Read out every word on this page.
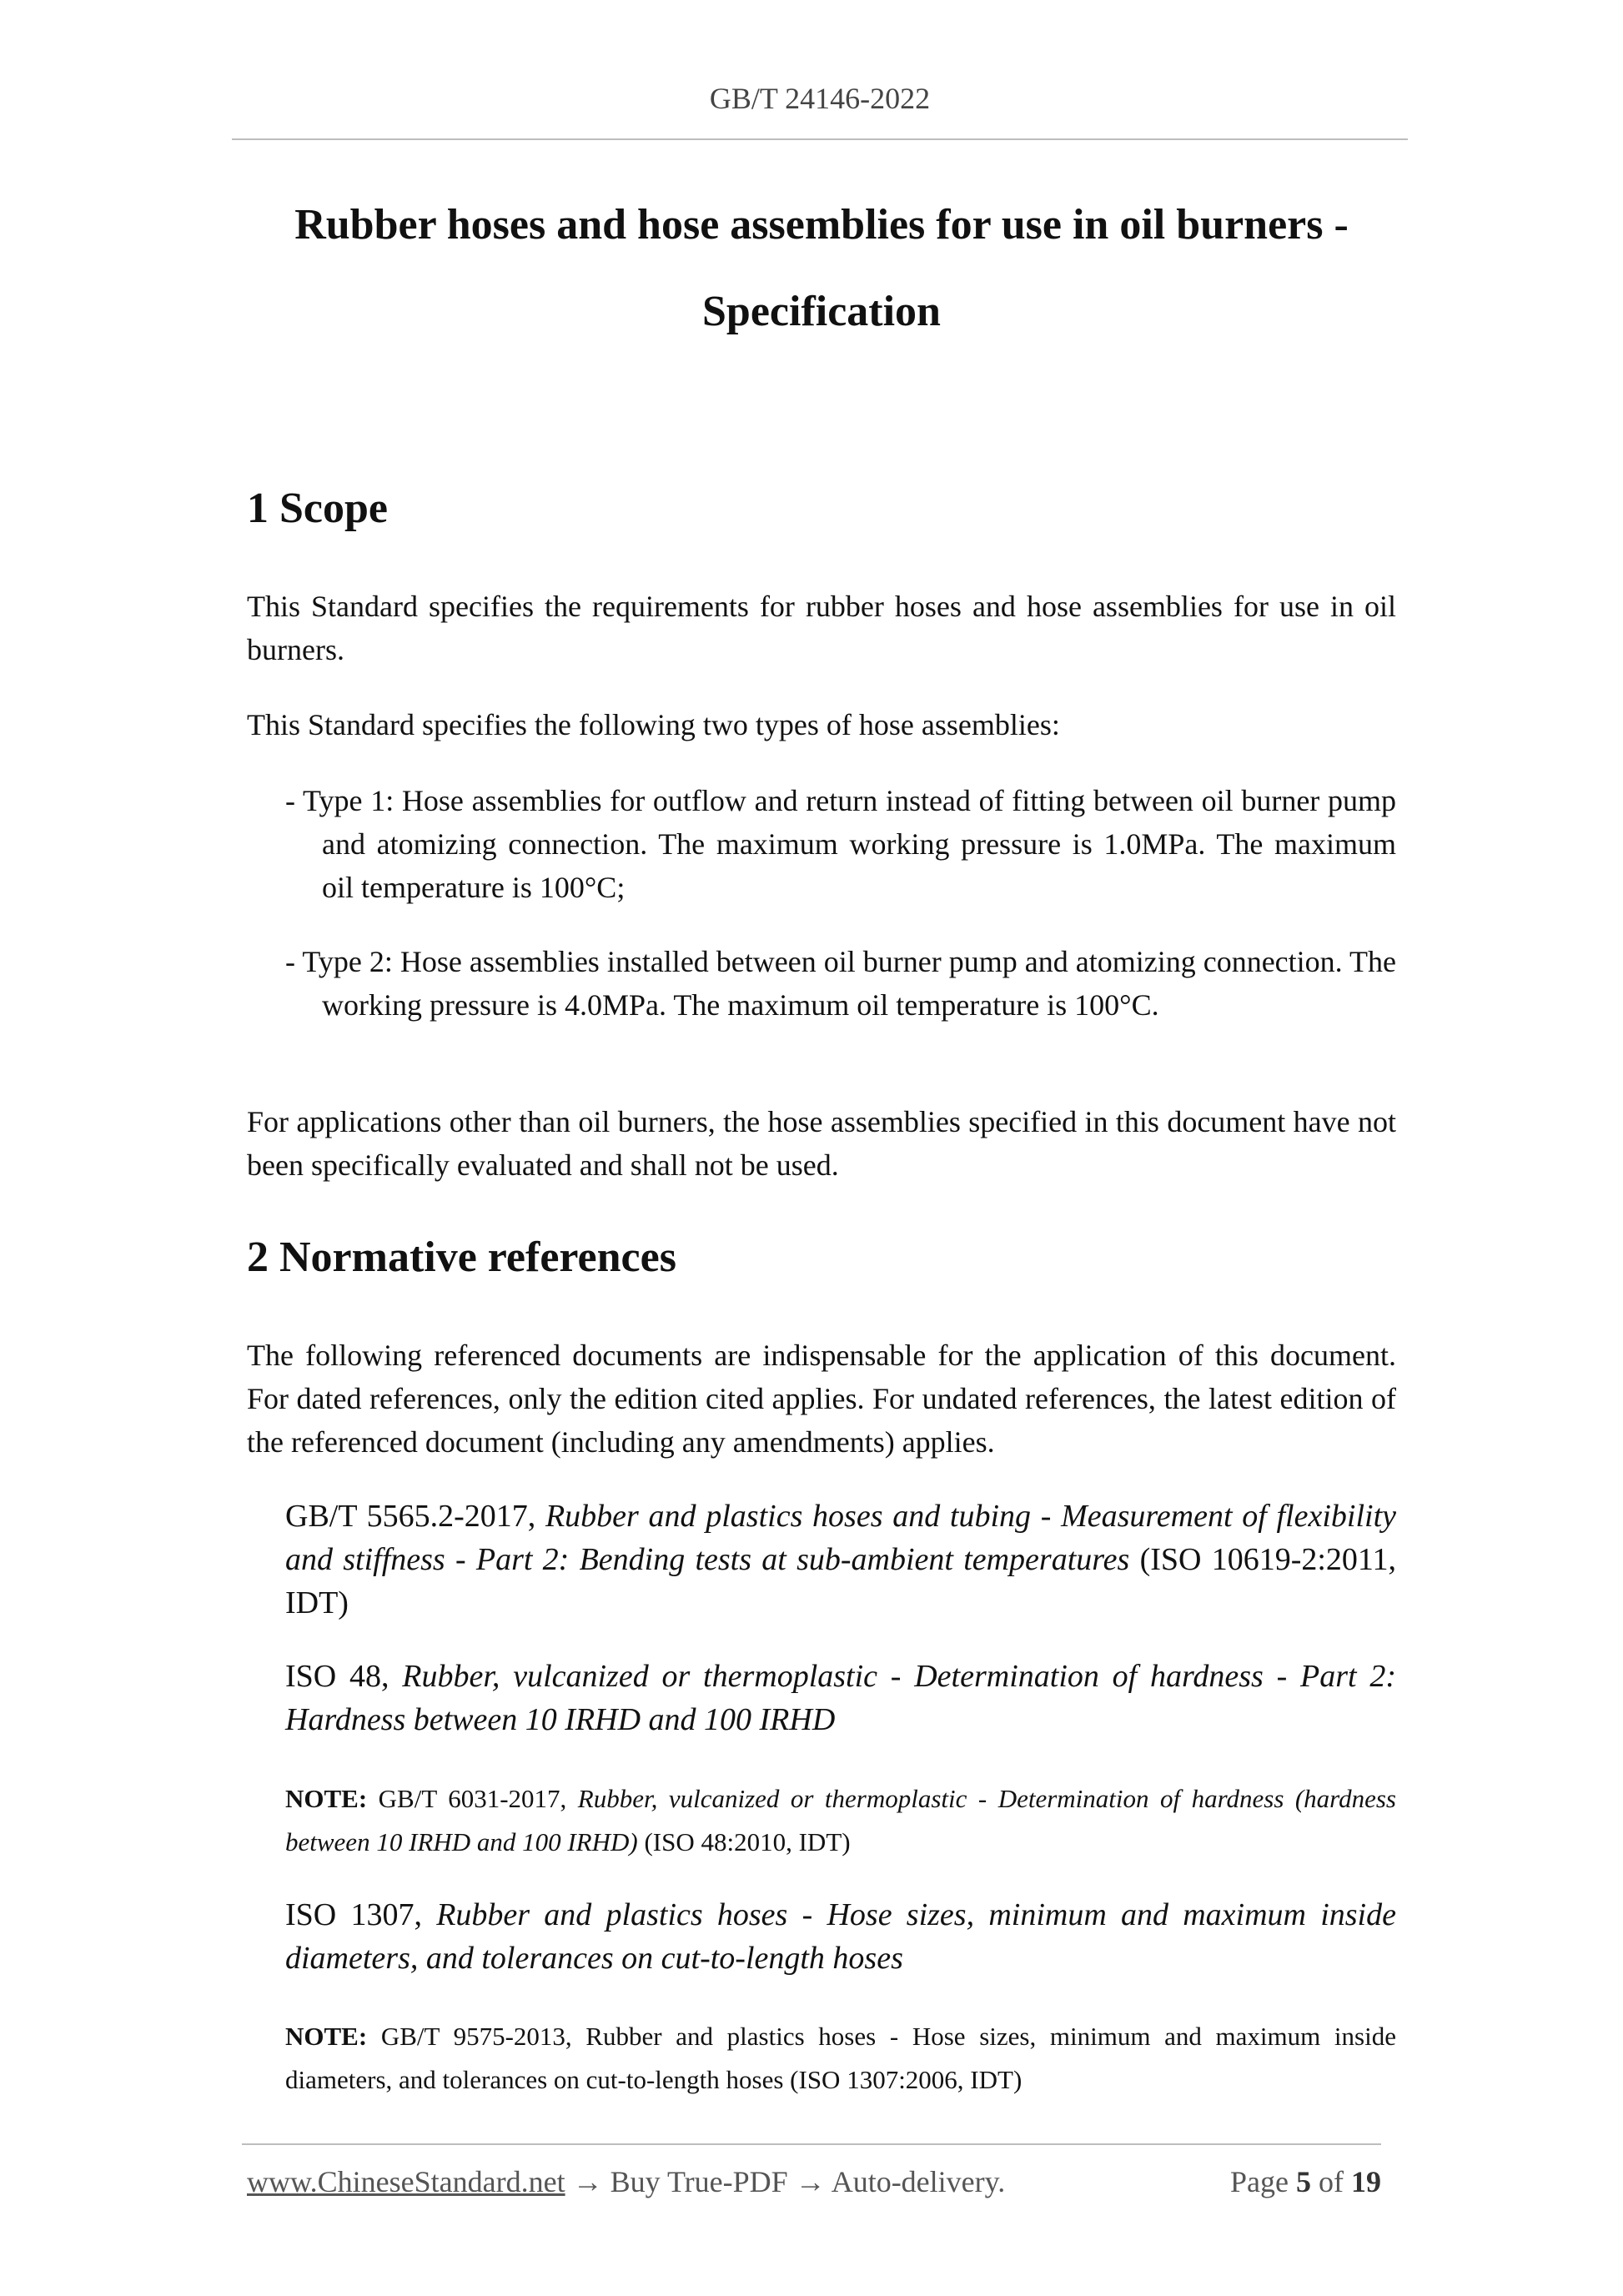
GB/T 24146-2022
Rubber hoses and hose assemblies for use in oil burners -
Specification
1 Scope

This Standard specifies the requirements for rubber hoses and hose assemblies for use in oil burners.

This Standard specifies the following two types of hose assemblies:

- Type 1: Hose assemblies for outflow and return instead of fitting between oil burner pump and atomizing connection. The maximum working pressure is 1.0MPa. The maximum oil temperature is 100°C;

- Type 2: Hose assemblies installed between oil burner pump and atomizing connection. The working pressure is 4.0MPa. The maximum oil temperature is 100°C.

For applications other than oil burners, the hose assemblies specified in this document have not been specifically evaluated and shall not be used.

2 Normative references

The following referenced documents are indispensable for the application of this document. For dated references, only the edition cited applies. For undated references, the latest edition of the referenced document (including any amendments) applies.

GB/T 5565.2-2017, Rubber and plastics hoses and tubing - Measurement of flexibility and stiffness - Part 2: Bending tests at sub-ambient temperatures (ISO 10619-2:2011, IDT)

ISO 48, Rubber, vulcanized or thermoplastic - Determination of hardness - Part 2: Hardness between 10 IRHD and 100 IRHD

NOTE: GB/T 6031-2017, Rubber, vulcanized or thermoplastic - Determination of hardness (hardness between 10 IRHD and 100 IRHD) (ISO 48:2010, IDT)

ISO 1307, Rubber and plastics hoses - Hose sizes, minimum and maximum inside diameters, and tolerances on cut-to-length hoses

NOTE: GB/T 9575-2013, Rubber and plastics hoses - Hose sizes, minimum and maximum inside diameters, and tolerances on cut-to-length hoses (ISO 1307:2006, IDT)

www.ChineseStandard.net → Buy True-PDF → Auto-delivery.	Page 5 of 19
